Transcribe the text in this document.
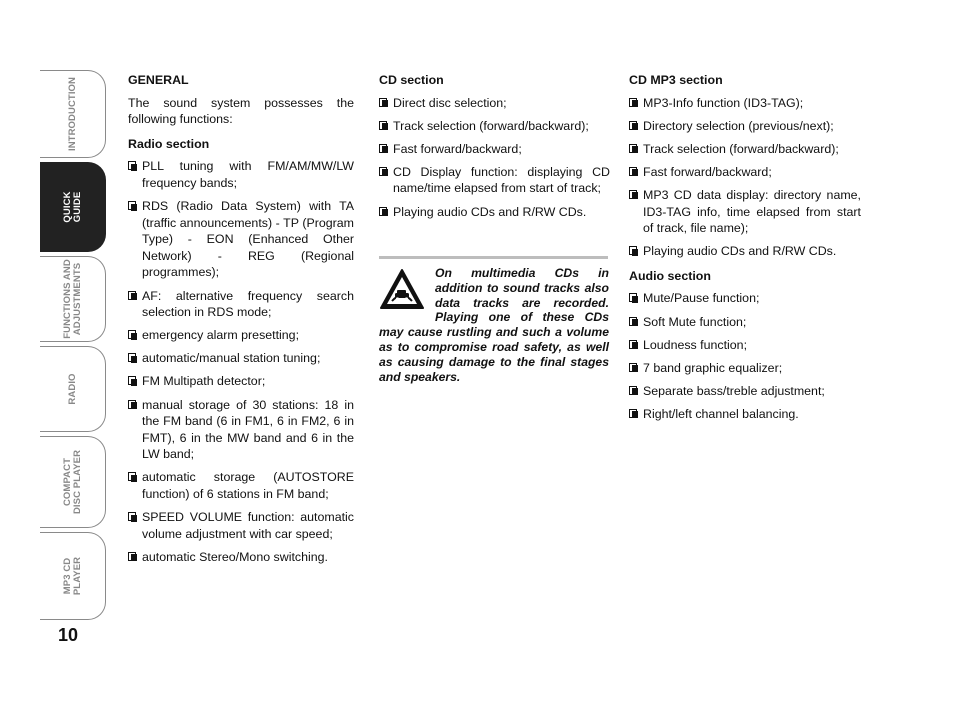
INTRODUCTION
QUICK
GUIDE
FUNCTIONS AND
ADJUSTMENTS
RADIO
COMPACT
DISC PLAYER
MP3 CD
PLAYER
10
GENERAL
The sound system possesses the following functions:
Radio section
PLL tuning with FM/AM/MW/LW frequency bands;
RDS (Radio Data System) with TA (traffic announcements) - TP (Program Type) - EON (Enhanced Other Network) - REG (Regional programmes);
AF: alternative frequency search selection in RDS mode;
emergency alarm presetting;
automatic/manual station tuning;
FM Multipath detector;
manual storage of 30 stations: 18 in the FM band (6 in FM1, 6 in FM2, 6 in FMT), 6 in the MW band and 6 in the LW band;
automatic storage (AUTOSTORE function) of 6 stations in FM band;
SPEED VOLUME function: automatic volume adjustment with car speed;
automatic Stereo/Mono switching.
CD section
Direct disc selection;
Track selection (forward/backward);
Fast forward/backward;
CD Display function: displaying CD name/time elapsed from start of track;
Playing audio CDs and R/RW CDs.
On multimedia CDs in addition to sound tracks also data tracks are recorded. Playing one of these CDs may cause rustling and such a volume as to compromise road safety, as well as causing damage to the final stages and speakers.
CD MP3 section
MP3-Info function (ID3-TAG);
Directory selection (previous/next);
Track selection (forward/backward);
Fast forward/backward;
MP3 CD data display: directory name, ID3-TAG info, time elapsed from start of track, file name);
Playing audio CDs and R/RW CDs.
Audio section
Mute/Pause function;
Soft Mute function;
Loudness function;
7 band graphic equalizer;
Separate bass/treble adjustment;
Right/left channel balancing.
